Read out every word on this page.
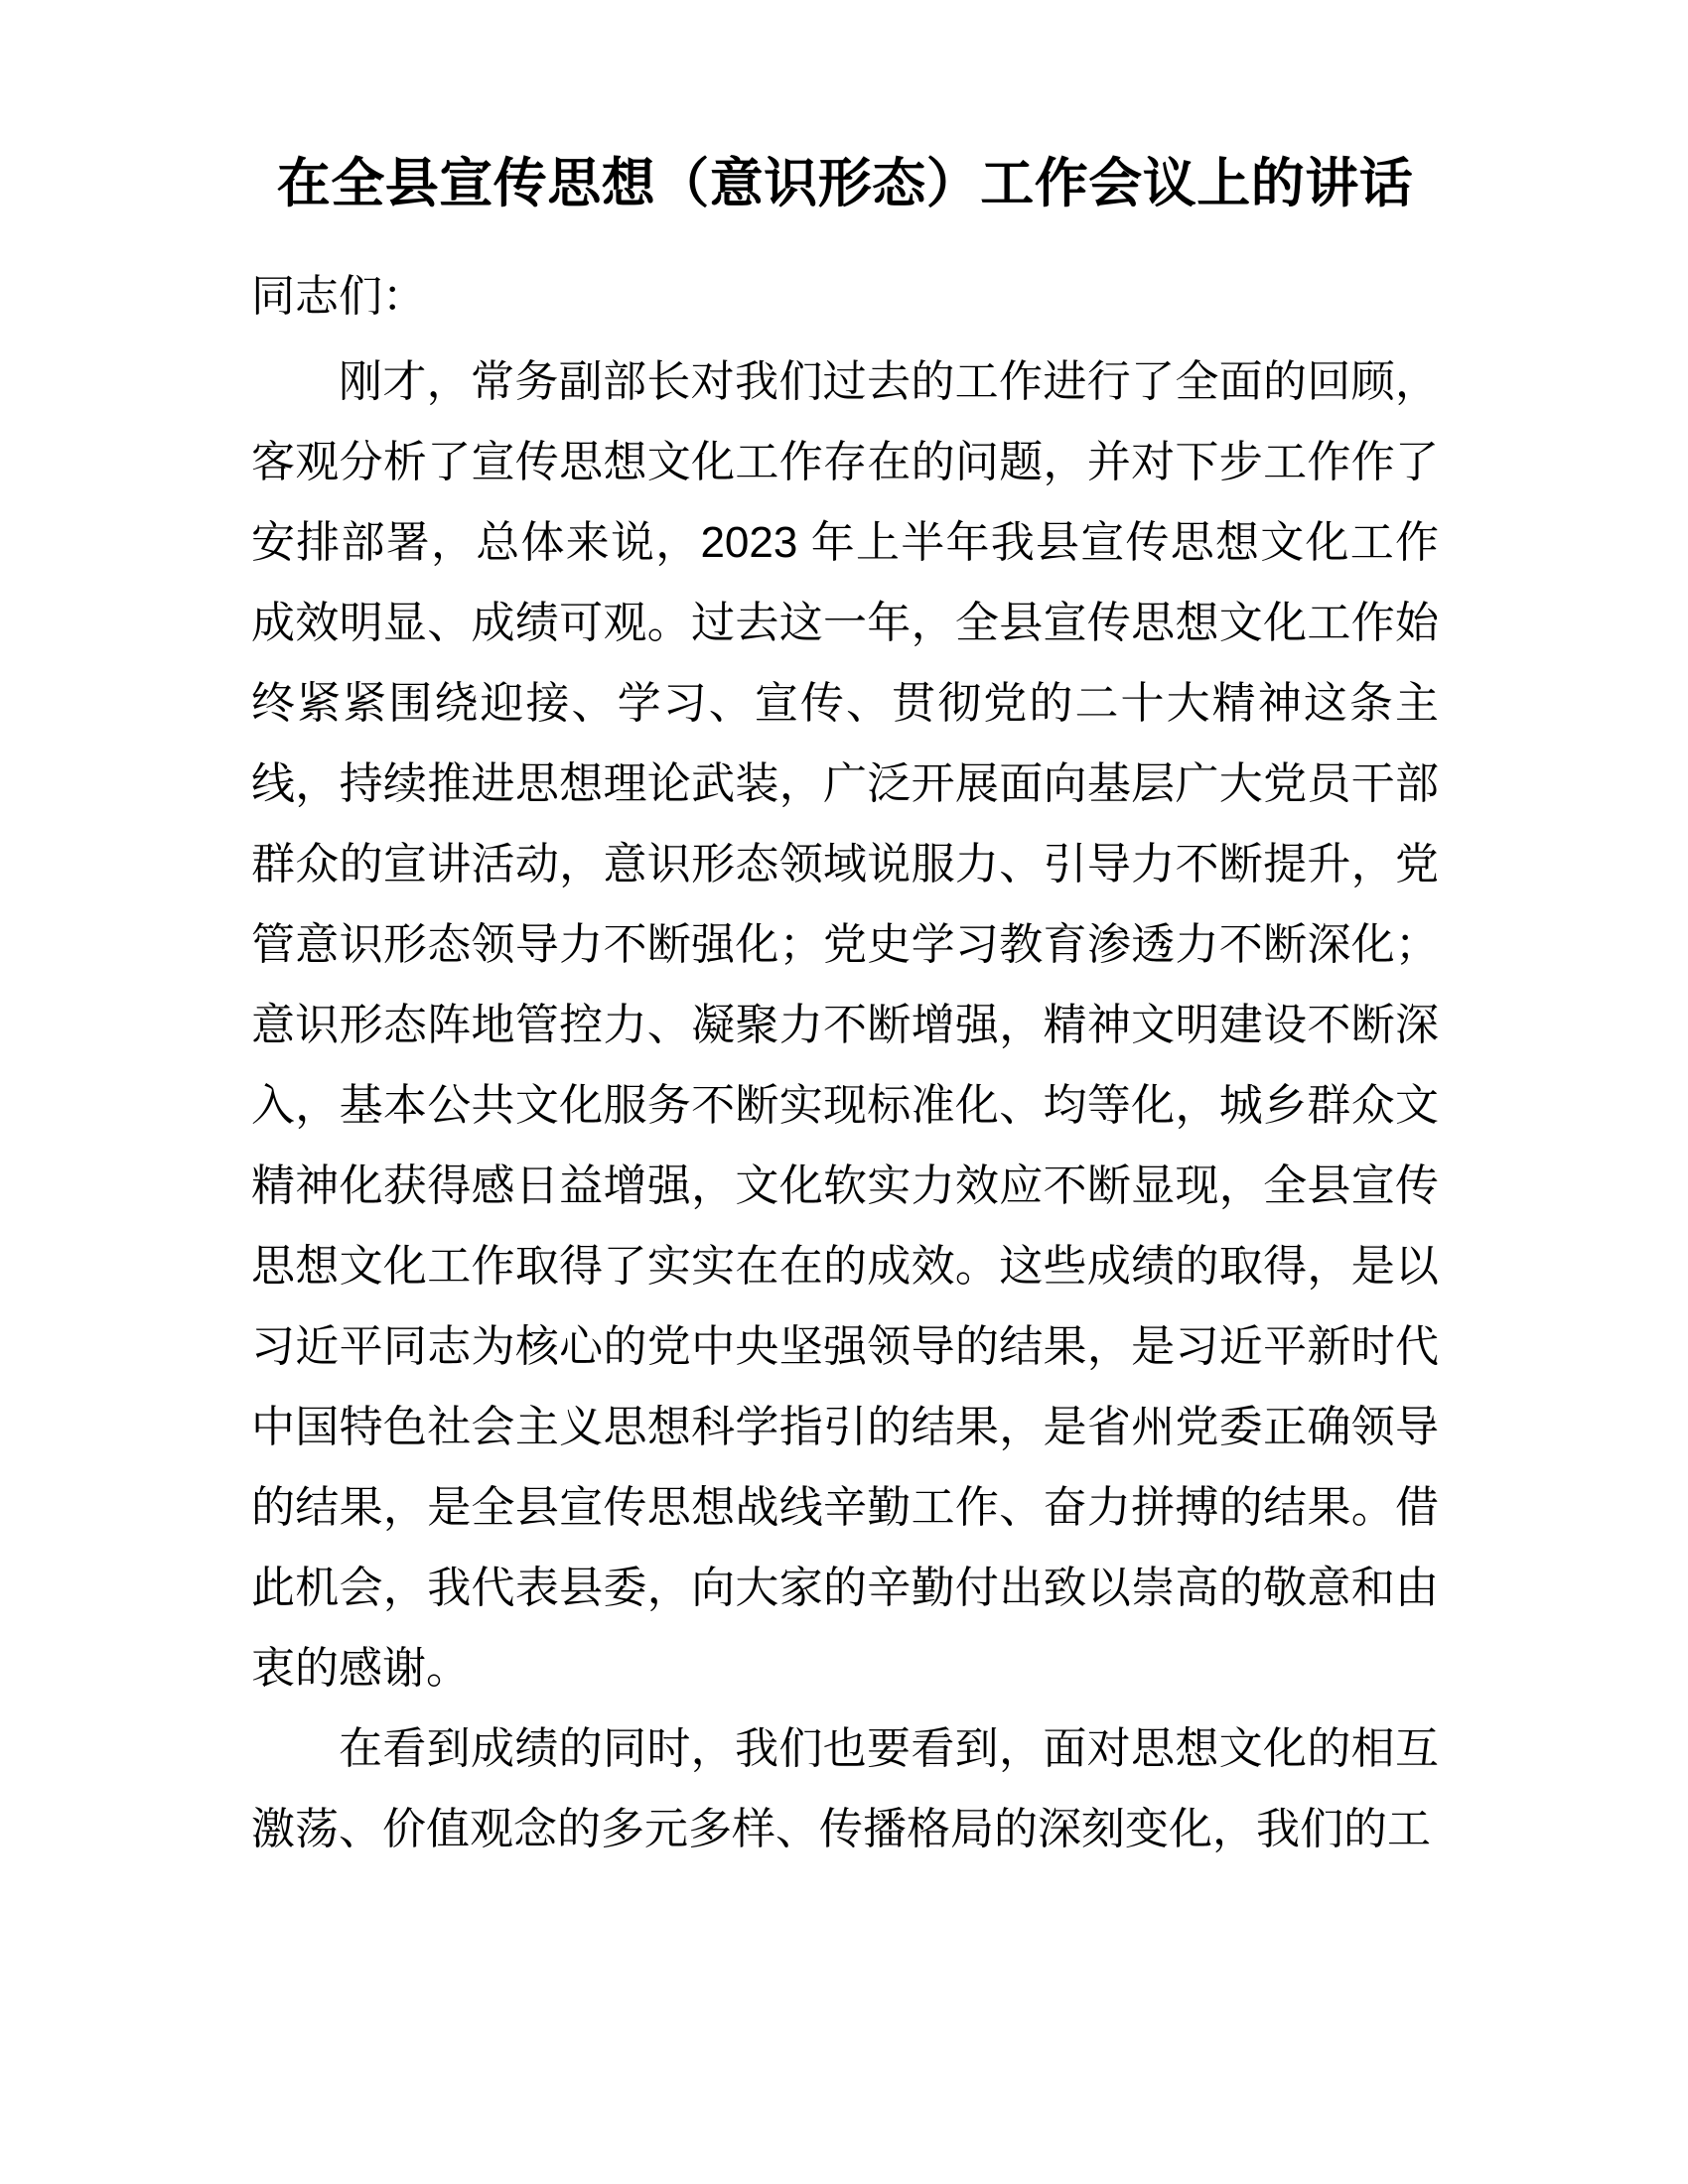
在全县宣传思想（意识形态）工作会议上的讲话

同志们：

刚才，常务副部长对我们过去的工作进行了全面的回顾，客观分析了宣传思想文化工作存在的问题，并对下步工作作了安排部署，总体来说，2023 年上半年我县宣传思想文化工作成效明显、成绩可观。过去这一年，全县宣传思想文化工作始终紧紧围绕迎接、学习、宣传、贯彻党的二十大精神这条主线，持续推进思想理论武装，广泛开展面向基层广大党员干部群众的宣讲活动，意识形态领域说服力、引导力不断提升，党管意识形态领导力不断强化；党史学习教育渗透力不断深化；意识形态阵地管控力、凝聚力不断增强，精神文明建设不断深入，基本公共文化服务不断实现标准化、均等化，城乡群众文精神化获得感日益增强，文化软实力效应不断显现，全县宣传思想文化工作取得了实实在在的成效。这些成绩的取得，是以习近平同志为核心的党中央坚强领导的结果，是习近平新时代中国特色社会主义思想科学指引的结果，是省州党委正确领导的结果，是全县宣传思想战线辛勤工作、奋力拼搏的结果。借此机会，我代表县委，向大家的辛勤付出致以崇高的敬意和由衷的感谢。

在看到成绩的同时，我们也要看到，面对思想文化的相互激荡、价值观念的多元多样、传播格局的深刻变化，我们的工
